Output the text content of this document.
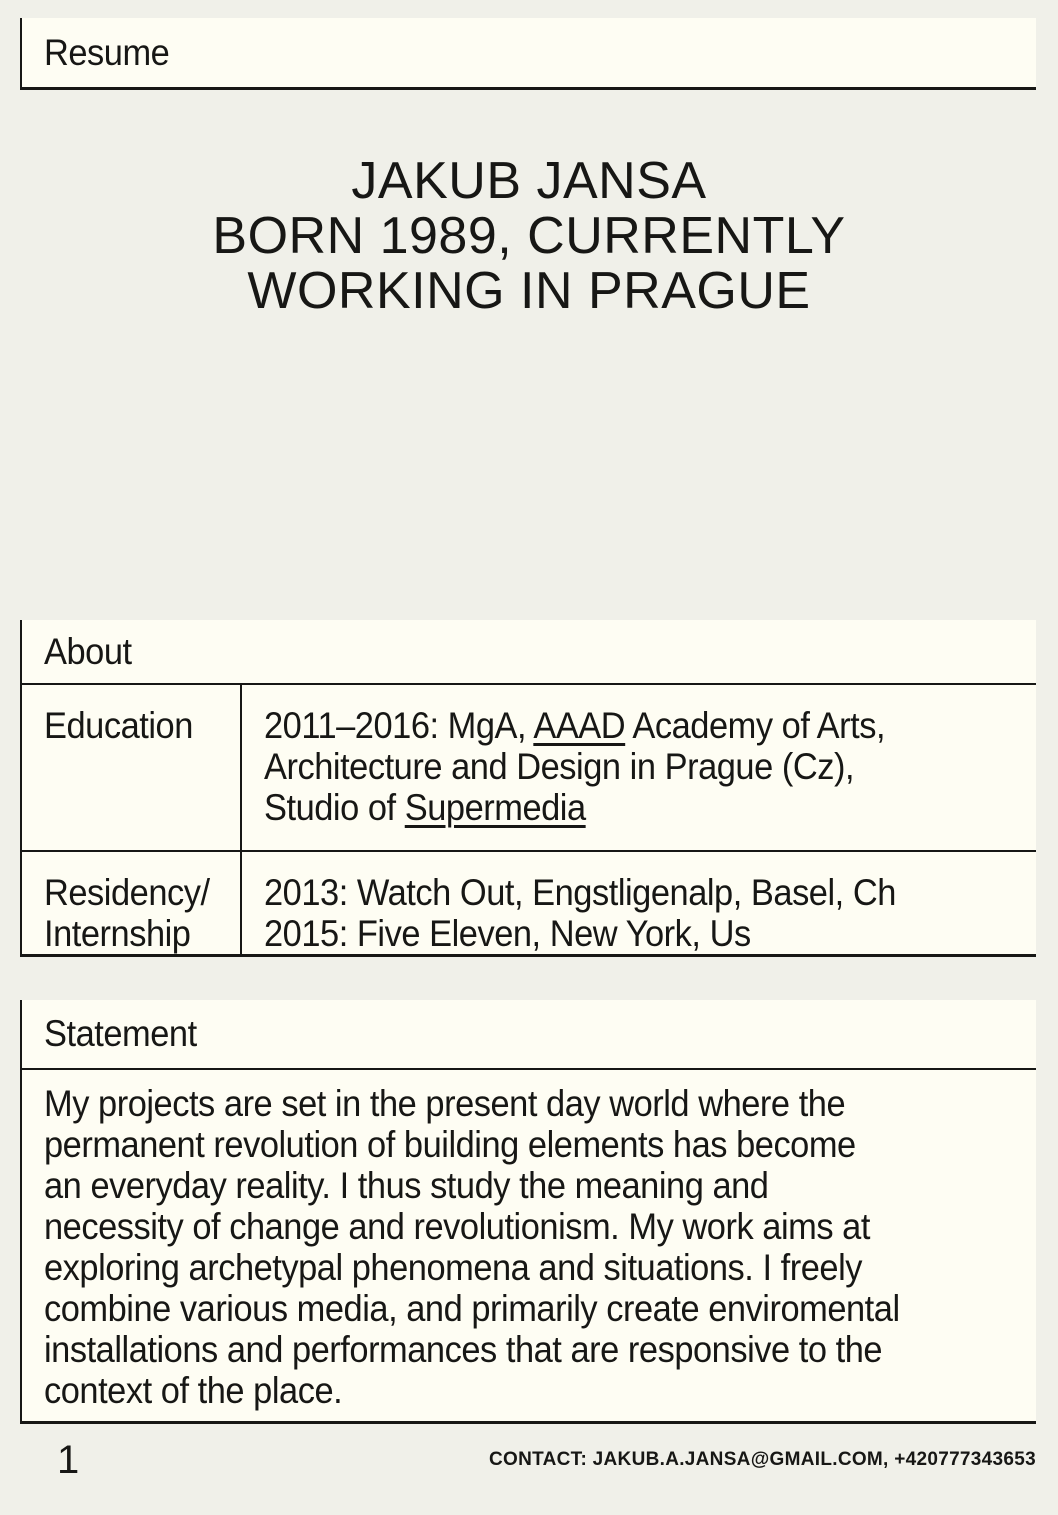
Resume
JAKUB JANSA
BORN 1989, CURRENTLY
WORKING IN PRAGUE
About
Education	2011–2016: MgA, AAAD Academy of Arts,
Architecture and Design in Prague (Cz),
Studio of Supermedia
Residency/
Internship
2013: Watch Out, Engstligenalp, Basel, Ch
2015: Five Eleven, New York, Us
Statement
My projects are set in the present day world where the
permanent revolution of building elements has become
an everyday reality. I thus study the meaning and
necessity of change and revolutionism. My work aims at
exploring archetypal phenomena and situations. I freely
combine various media, and primarily create enviromental
installations and performances that are responsive to the
context of the place.
1	CONTACT: JAKUB.A.JANSA@GMAIL.COM, +420777343653
